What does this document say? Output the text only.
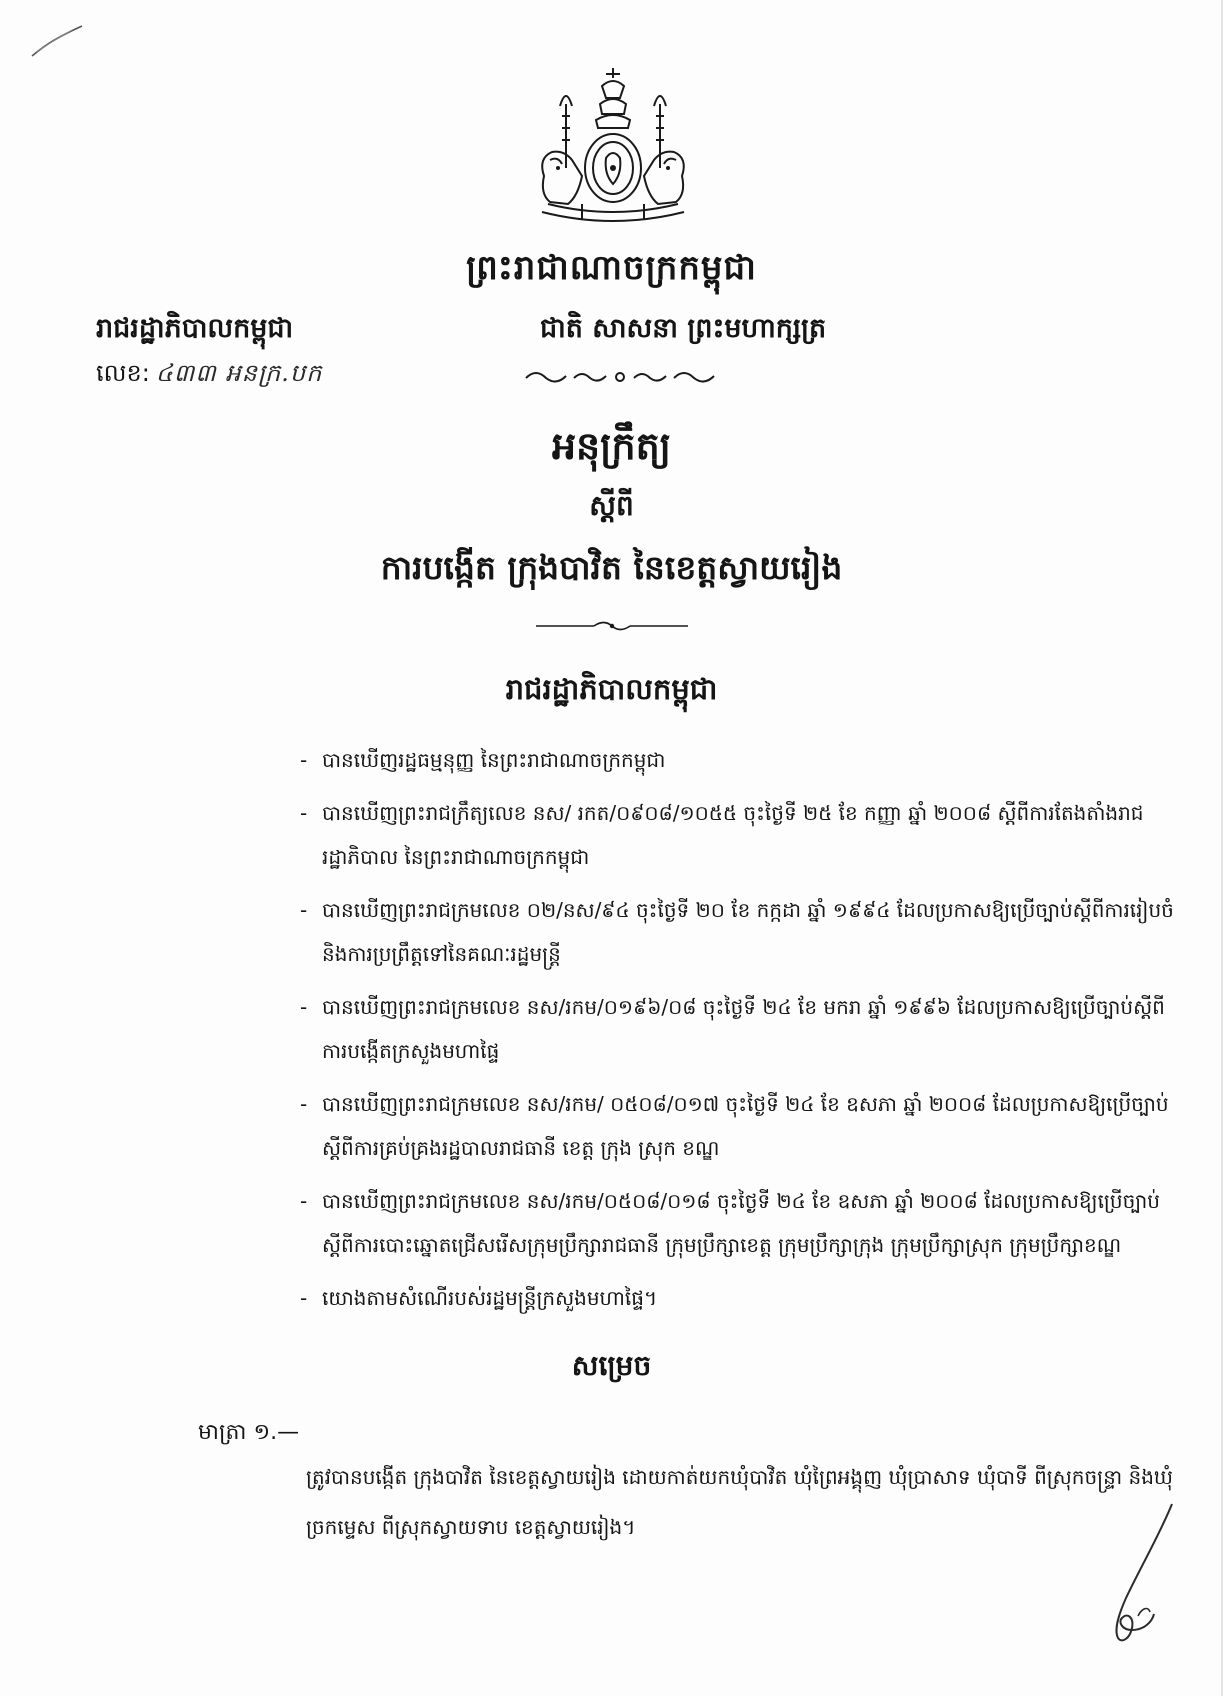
ព្រះរាជាណាចក្រកម្ពុជា
រាជរដ្ឋាភិបាលកម្ពុជា	ជាតិ សាសនា ព្រះមហាក្សត្រ
លេខ: ៤៣៣ អនក្រ.បក
អនុក្រឹត្យ
ស្តីពី
ការបង្កើត ក្រុងបាវិត នៃខេត្តស្វាយរៀង
រាជរដ្ឋាភិបាលកម្ពុជា
- បានឃើញរដ្ឋធម្មនុញ្ញ នៃព្រះរាជាណាចក្រកម្ពុជា
- បានឃើញព្រះរាជក្រឹត្យលេខ នស/ រកត/០៩០៨/១០៥៥ ចុះថ្ងៃទី ២៥ ខែ កញ្ញា ឆ្នាំ ២០០៨ ស្តីពីការតែងតាំងរាជរដ្ឋាភិបាល នៃព្រះរាជាណាចក្រកម្ពុជា
- បានឃើញព្រះរាជក្រមលេខ ០២/នស/៩៤ ចុះថ្ងៃទី ២០ ខែ កក្កដា ឆ្នាំ ១៩៩៤ ដែលប្រកាសឱ្យប្រើច្បាប់ស្តីពីការរៀបចំ និងការប្រព្រឹត្តទៅនៃគណៈរដ្ឋមន្ត្រី
- បានឃើញព្រះរាជក្រមលេខ នស/រកម/០១៩៦/០៨ ចុះថ្ងៃទី ២៤ ខែ មករា ឆ្នាំ ១៩៩៦ ដែលប្រកាសឱ្យប្រើច្បាប់ស្តីពីការបង្កើតក្រសួងមហាផ្ទៃ
- បានឃើញព្រះរាជក្រមលេខ នស/រកម/ ០៥០៨/០១៧ ចុះថ្ងៃទី ២៤ ខែ ឧសភា ឆ្នាំ ២០០៨ ដែលប្រកាសឱ្យប្រើច្បាប់ស្តីពីការគ្រប់គ្រងរដ្ឋបាលរាជធានី ខេត្ត ក្រុង ស្រុក ខណ្ឌ
- បានឃើញព្រះរាជក្រមលេខ នស/រកម/០៥០៨/០១៨ ចុះថ្ងៃទី ២៤ ខែ ឧសភា ឆ្នាំ ២០០៨ ដែលប្រកាសឱ្យប្រើច្បាប់ស្តីពីការបោះឆ្នោតជ្រើសរើសក្រុមប្រឹក្សារាជធានី ក្រុមប្រឹក្សាខេត្ត ក្រុមប្រឹក្សាក្រុង ក្រុមប្រឹក្សាស្រុក ក្រុមប្រឹក្សាខណ្ឌ
- យោងតាមសំណើរបស់រដ្ឋមន្ត្រីក្រសួងមហាផ្ទៃ។
សម្រេច
មាត្រា ១.—

ត្រូវបានបង្កើត ក្រុងបាវិត នៃខេត្តស្វាយរៀង ដោយកាត់យកឃុំបាវិត ឃុំព្រៃអង្គុញ ឃុំប្រាសាទ ឃុំបាទី ពីស្រុកចន្ទ្រា និងឃុំច្រកម្ទេស ពីស្រុកស្វាយទាប ខេត្តស្វាយរៀង។
